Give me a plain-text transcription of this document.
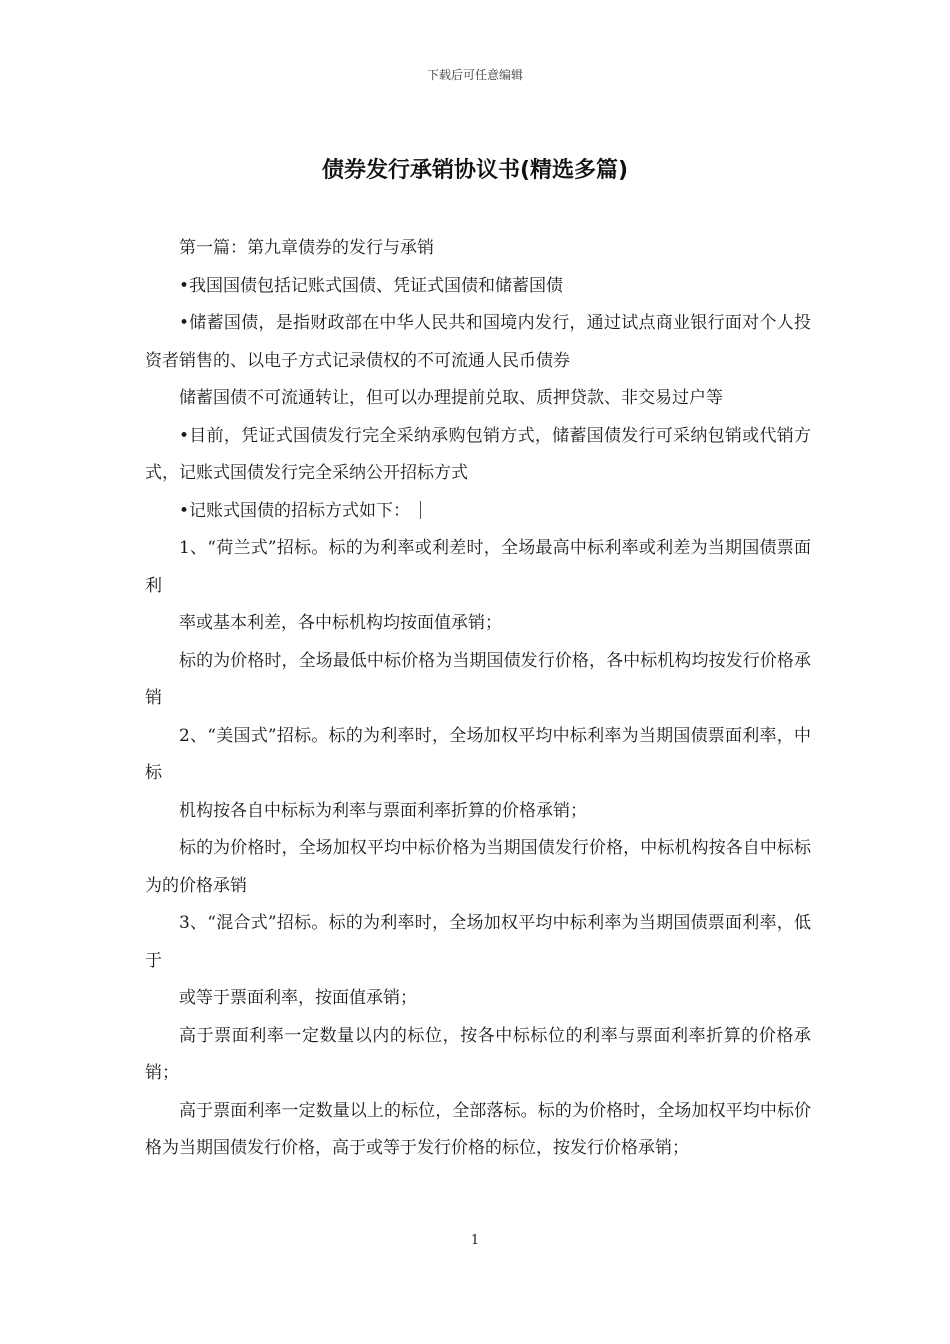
下载后可任意编辑
债券发行承销协议书(精选多篇)

第一篇：第九章债券的发行与承销

•我国国债包括记账式国债、凭证式国债和储蓄国债

•储蓄国债，是指财政部在中华人民共和国境内发行，通过试点商业银行面对个人投资者销售的、以电子方式记录债权的不可流通人民币债券

储蓄国债不可流通转让，但可以办理提前兑取、质押贷款、非交易过户等

•目前，凭证式国债发行完全采纳承购包销方式，储蓄国债发行可采纳包销或代销方式，记账式国债发行完全采纳公开招标方式

•记账式国债的招标方式如下：

1、“荷兰式”招标。标的为利率或利差时，全场最高中标利率或利差为当期国债票面利

率或基本利差，各中标机构均按面值承销；

标的为价格时，全场最低中标价格为当期国债发行价格，各中标机构均按发行价格承销

2、“美国式”招标。标的为利率时，全场加权平均中标利率为当期国债票面利率，中标

机构按各自中标标为利率与票面利率折算的价格承销；

标的为价格时，全场加权平均中标价格为当期国债发行价格，中标机构按各自中标标为的价格承销

3、“混合式”招标。标的为利率时，全场加权平均中标利率为当期国债票面利率，低于

或等于票面利率，按面值承销；

高于票面利率一定数量以内的标位，按各中标标位的利率与票面利率折算的价格承销；

高于票面利率一定数量以上的标位，全部落标。标的为价格时，全场加权平均中标价格为当期国债发行价格，高于或等于发行价格的标位，按发行价格承销；

1
